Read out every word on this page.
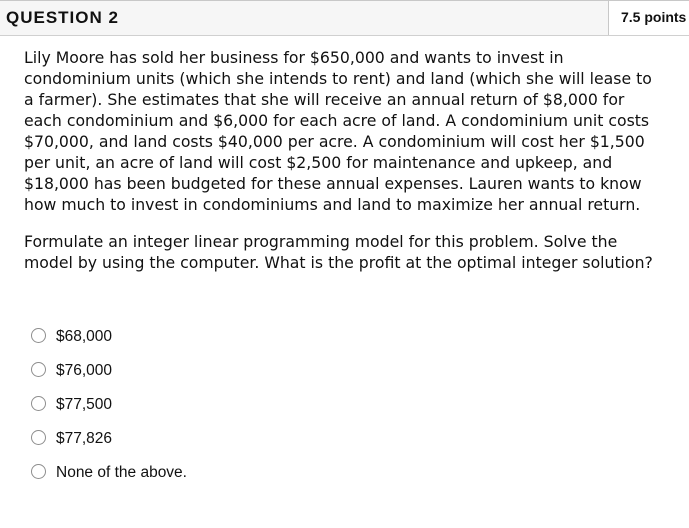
QUESTION 2	7.5 points

Lily Moore has sold her business for $650,000 and wants to invest in condominium units (which she intends to rent) and land (which she will lease to a farmer). She estimates that she will receive an annual return of $8,000 for each condominium and $6,000 for each acre of land. A condominium unit costs $70,000, and land costs $40,000 per acre. A condominium will cost her $1,500 per unit, an acre of land will cost $2,500 for maintenance and upkeep, and $18,000 has been budgeted for these annual expenses. Lauren wants to know how much to invest in condominiums and land to maximize her annual return.

Formulate an integer linear programming model for this problem. Solve the model by using the computer. What is the profit at the optimal integer solution?

$68,000
$76,000
$77,500
$77,826
None of the above.
